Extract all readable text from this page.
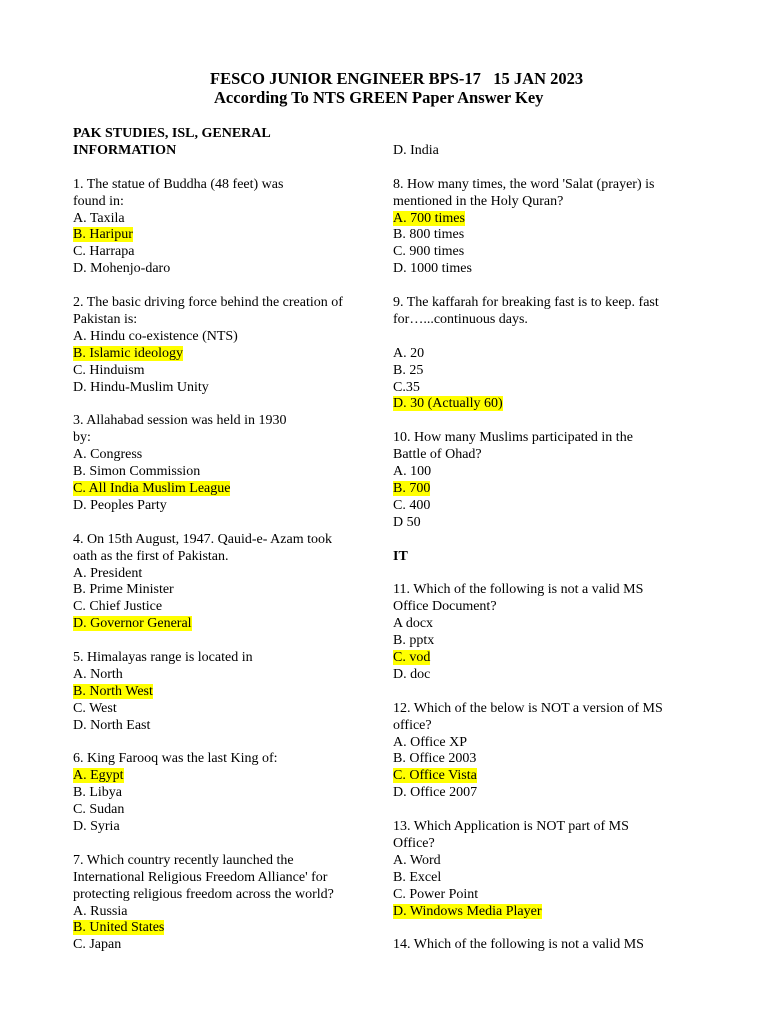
FESCO JUNIOR ENGINEER BPS-17   15 JAN 2023
According To NTS GREEN Paper Answer Key
PAK STUDIES, ISL, GENERAL
INFORMATION
1. The statue of Buddha (48 feet) was
found in:
A. Taxila
B. Haripur
C. Harrapa
D. Mohenjo-daro
2. The basic driving force behind the creation of
Pakistan is:
A. Hindu co-existence (NTS)
B. Islamic ideology
C. Hinduism
D. Hindu-Muslim Unity
3. Allahabad session was held in 1930
by:
A. Congress
B. Simon Commission
C. All India Muslim League
D. Peoples Party
4. On 15th August, 1947. Qauid-e- Azam took
oath as the first of Pakistan.
A. President
B. Prime Minister
C. Chief Justice
D. Governor General
5. Himalayas range is located in
A. North
B. North West
C. West
D. North East
6. King Farooq was the last King of:
A. Egypt
B. Libya
C. Sudan
D. Syria
7. Which country recently launched the
International Religious Freedom Alliance' for
protecting religious freedom across the world?
A. Russia
B. United States
C. Japan
D. India
8. How many times, the word 'Salat (prayer) is
mentioned in the Holy Quran?
A. 700 times
B. 800 times
C. 900 times
D. 1000 times
9. The kaffarah for breaking fast is to keep. fast
for…...continuous days.
A. 20
B. 25
C.35
D. 30 (Actually 60)
10. How many Muslims participated in the
Battle of Ohad?
A. 100
B. 700
C. 400
D 50
IT
11. Which of the following is not a valid MS
Office Document?
A docx
B. pptx
C. vod
D. doc
12. Which of the below is NOT a version of MS
office?
A. Office XP
B. Office 2003
C. Office Vista
D. Office 2007
13. Which Application is NOT part of MS
Office?
A. Word
B. Excel
C. Power Point
D. Windows Media Player
14. Which of the following is not a valid MS
